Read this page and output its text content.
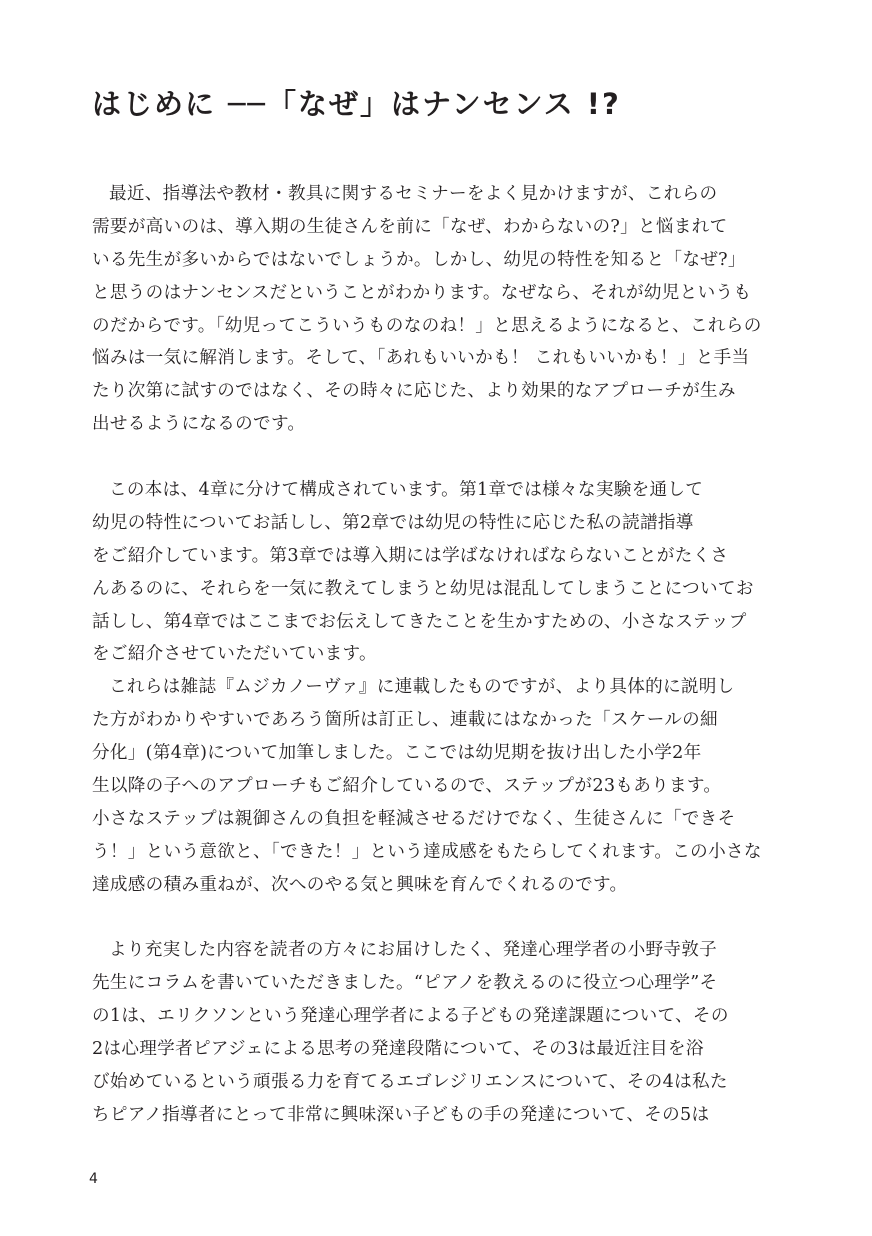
はじめに ──「なぜ」はナンセンス !?
最近、指導法や教材・教具に関するセミナーをよく見かけますが、これらの
需要が高いのは、導入期の生徒さんを前に「なぜ、わからないの?」と悩まれて
いる先生が多いからではないでしょうか。しかし、幼児の特性を知ると「なぜ?」
と思うのはナンセンスだということがわかります。なぜなら、それが幼児というも
のだからです。「幼児ってこういうものなのね！」と思えるようになると、これらの
悩みは一気に解消します。そして、「あれもいいかも！ これもいいかも！」と手当
たり次第に試すのではなく、その時々に応じた、より効果的なアプローチが生み
出せるようになるのです。
この本は、4章に分けて構成されています。第1章では様々な実験を通して
幼児の特性についてお話しし、第2章では幼児の特性に応じた私の読譜指導
をご紹介しています。第3章では導入期には学ばなければならないことがたくさ
んあるのに、それらを一気に教えてしまうと幼児は混乱してしまうことについてお
話しし、第4章ではここまでお伝えしてきたことを生かすための、小さなステップ
をご紹介させていただいています。
これらは雑誌『ムジカノーヴァ』に連載したものですが、より具体的に説明し
た方がわかりやすいであろう箇所は訂正し、連載にはなかった「スケールの細
分化」(第4章)について加筆しました。ここでは幼児期を抜け出した小学2年
生以降の子へのアプローチもご紹介しているので、ステップが23もあります。
小さなステップは親御さんの負担を軽減させるだけでなく、生徒さんに「できそ
う！」という意欲と、「できた！」という達成感をもたらしてくれます。この小さな
達成感の積み重ねが、次へのやる気と興味を育んでくれるのです。
より充実した内容を読者の方々にお届けしたく、発達心理学者の小野寺敦子
先生にコラムを書いていただきました。“ピアノを教えるのに役立つ心理学”そ
の1は、エリクソンという発達心理学者による子どもの発達課題について、その
2は心理学者ピアジェによる思考の発達段階について、その3は最近注目を浴
び始めているという頑張る力を育てるエゴレジリエンスについて、その4は私た
ちピアノ指導者にとって非常に興味深い子どもの手の発達について、その5は
4
